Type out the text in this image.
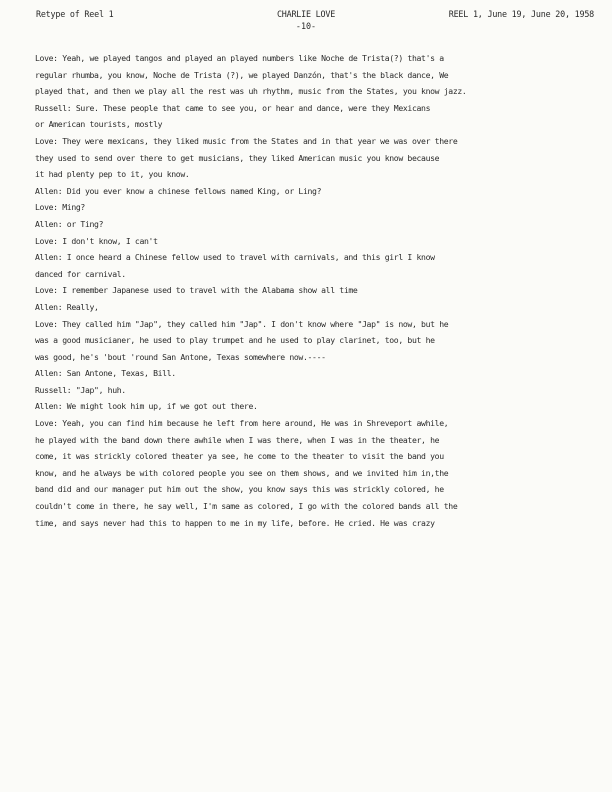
Retype of Reel 1	CHARLIE LOVE	REEL 1, June 19, June 20, 1958
-10-
Love: Yeah, we played tangos and played an played numbers like Noche de Trista(?) that's a
regular rhumba, you know, Noche de Trista (?), we played Danzón, that's the black dance, We
played that, and then we play all the rest was uh rhythm, music from the States, you know jazz.
Russell: Sure. These people that came to see you, or hear and dance, were they Mexicans
or American tourists, mostly
Love: They were mexicans, they liked music from the States and in that year we was over there
they used to send over there to get musicians, they liked American music you know because
it had plenty pep to it, you know.
Allen: Did you ever know a chinese fellows named King, or Ling?
Love: Ming?
Allen: or Ting?
Love: I don't know, I can't
Allen: I once heard a Chinese fellow used to travel with carnivals, and this girl I know
danced for carnival.
Love: I remember Japanese used to travel with the Alabama show all time
Allen: Really,
Love: They called him "Jap", they called him "Jap". I don't know where "Jap" is now, but he
was a good musicianer, he used to play trumpet and he used to play clarinet, too, but he
was good, he's 'bout 'round San Antone, Texas somewhere now.----
Allen: San Antone, Texas, Bill.
Russell: "Jap", huh.
Allen: We might look him up, if we got out there.
Love: Yeah, you can find him because he left from here around, He was in Shreveport awhile,
he played with the band down there awhile when I was there, when I was in the theater, he
come, it was strickly colored theater ya see, he come to the theater to visit the band you
know, and he always be with colored people you see on them shows, and we invited him in,the
band did and our manager put him out the show, you know says this was strickly colored, he
couldn't come in there, he say well, I'm same as colored, I go with the colored bands all the
time, and says never had this to happen to me in my life, before. He cried. He was crazy
